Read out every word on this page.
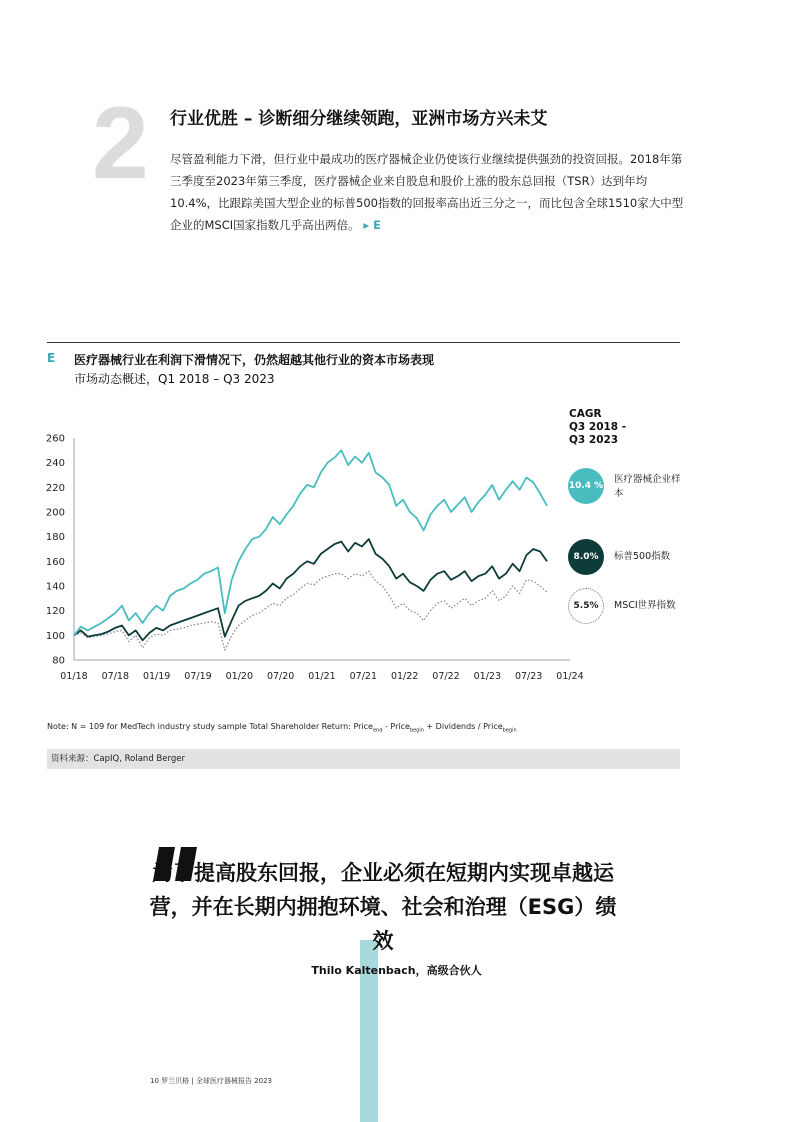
2 行业优胜 – 诊断细分继续领跑，亚洲市场方兴未艾
尽管盈利能力下滑，但行业中最成功的医疗器械企业仍使该行业继续提供强劲的投资回报。2018年第三季度至2023年第三季度，医疗器械企业来自股息和股价上涨的股东总回报（TSR）达到年均10.4%，比跟踪美国大型企业的标普500指数的回报率高出近三分之一，而比包含全球1510家大中型企业的MSCI国家指数几乎高出两倍。 ▸ E
E 医疗器械行业在利润下滑情况下，仍然超越其他行业的资本市场表现
市场动态概述，Q1 2018 – Q3 2023
80
100
120
140
160
180
200
220
240
260
01/18 07/18 01/19 07/19 01/20 07/20 01/21 07/21 01/22 07/22 01/23 07/23 01/24
CAGR
Q3 2018 -
Q3 2023
10.4 %
医疗器械企业样本
8.0%	标普500指数
5.5%	MSCI世界指数
Note: N = 109 for MedTech industry study sample Total Shareholder Return: Price$_{end}$ - Price$_{begin}$ + Dividends / Price$_{begin}$
资料来源：CapIQ, Roland Berger
为了提高股东回报，企业必须在短期内实现卓越运营，并在长期内拥抱环境、社会和治理（ESG）绩效
Thilo Kaltenbach，高级合伙人
10 罗兰贝格 | 全球医疗器械报告 2023
